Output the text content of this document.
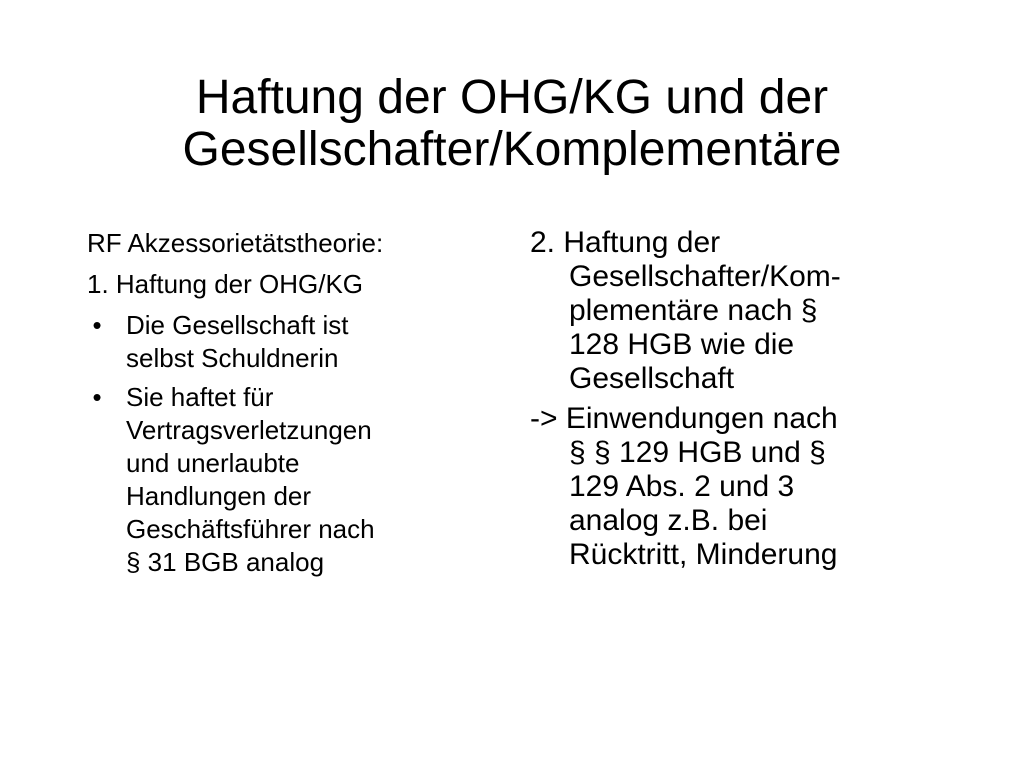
Haftung der OHG/KG und der
Gesellschafter/Komplementäre

RF Akzessorietätstheorie:

1. Haftung der OHG/KG

• Die Gesellschaft ist
selbst Schuldnerin
• Sie haftet für
Vertragsverletzungen
und unerlaubte
Handlungen der
Geschäftsführer nach
§ 31 BGB analog
2. Haftung der
Gesellschafter/Kom-
plementäre nach §
128 HGB wie die
Gesellschaft
-> Einwendungen nach
§ § 129 HGB und §
129 Abs. 2 und 3
analog z.B. bei
Rücktritt, Minderung
